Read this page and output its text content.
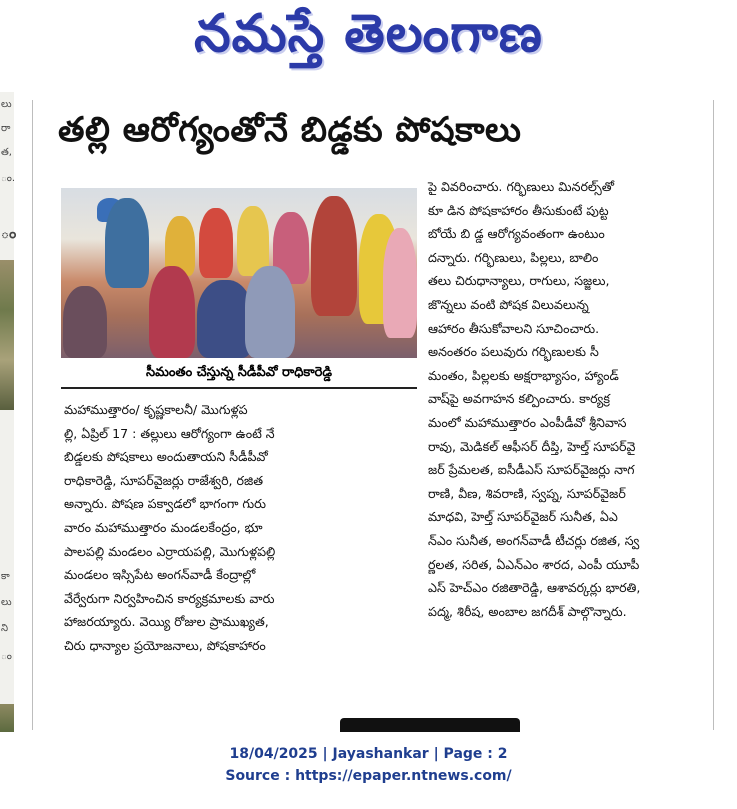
నమస్తే తెలంగాణ
లు
రా
త,
ం.
ం
కా
లు
ని
ం
తల్లి ఆరోగ్యంతోనే బిడ్డకు పోషకాలు
సీమంతం చేస్తున్న సీడీపీవో రాధికారెడ్డి
మహాముత్తారం/ కృష్ణకాలనీ/ మొగుళ్లప
ల్లి, ఏప్రిల్ 17 : తల్లులు ఆరోగ్యంగా ఉంటే నే
బిడ్డలకు పోషకాలు అందుతాయని సీడీపీవో
రాధికారెడ్డి, సూపర్‌వైజర్లు రాజేశ్వరి, రజిత
అన్నారు. పోషణ పక్వాడలో భాగంగా గురు
వారం మహాముత్తారం మండలకేంద్రం, భూ
పాలపల్లి మండలం ఎర్రాయపల్లి, మొగుళ్లపల్లి
మండలం ఇస్సిపేట అంగన్‌వాడీ కేంద్రాల్లో
వేర్వేరుగా నిర్వహించిన కార్యక్రమాలకు వారు
హాజరయ్యారు. వెయ్యి రోజుల ప్రాముఖ్యత,
చిరు ధాన్యాల ప్రయోజనాలు, పోషకాహారం
పై వివరించారు. గర్భిణులు మినరల్స్‌తో
కూ డిన పోషకాహారం తీసుకుంటే పుట్ట
బోయే బి డ్డ ఆరోగ్యవంతంగా ఉంటుం
దన్నారు. గర్భిణులు, పిల్లలు, బాలిం
తలు చిరుధాన్యాలు, రాగులు, సజ్జలు,
జొన్నలు వంటి పోషక విలువలున్న
ఆహారం తీసుకోవాలని సూచించారు.
అనంతరం పలువురు గర్భిణులకు సీ
మంతం, పిల్లలకు అక్షరాభ్యాసం, హ్యాండ్
వాష్‌పై అవగాహన కల్పించారు. కార్యక్ర
మంలో మహాముత్తారం ఎంపీడీవో శ్రీనివాస
రావు, మెడికల్ ఆఫీసర్ దీప్తి, హెల్త్ సూపర్‌వై
జర్ ప్రేమలత, ఐసీడీఎస్ సూపర్‌వైజర్లు నాగ
రాణి, వీణ, శివరాణి, స్వప్న, సూపర్‌వైజర్
మాధవి, హెల్త్ సూపర్‌వైజర్ సునీత, ఏఎ
న్ఎం సునీత, అంగన్‌వాడీ టీచర్లు రజిత, స్వ
ర్ణలత, సరిత, ఏఎన్‌ఎం శారద, ఎంపీ యూపీ
ఎస్ హెచ్ఎం రజితారెడ్డి, ఆశావర్కర్లు భారతి,
పద్మ, శిరీష, అంబాల జగదీశ్ పాల్గొన్నారు.
18/04/2025 | Jayashankar | Page : 2
Source : https://epaper.ntnews.com/
